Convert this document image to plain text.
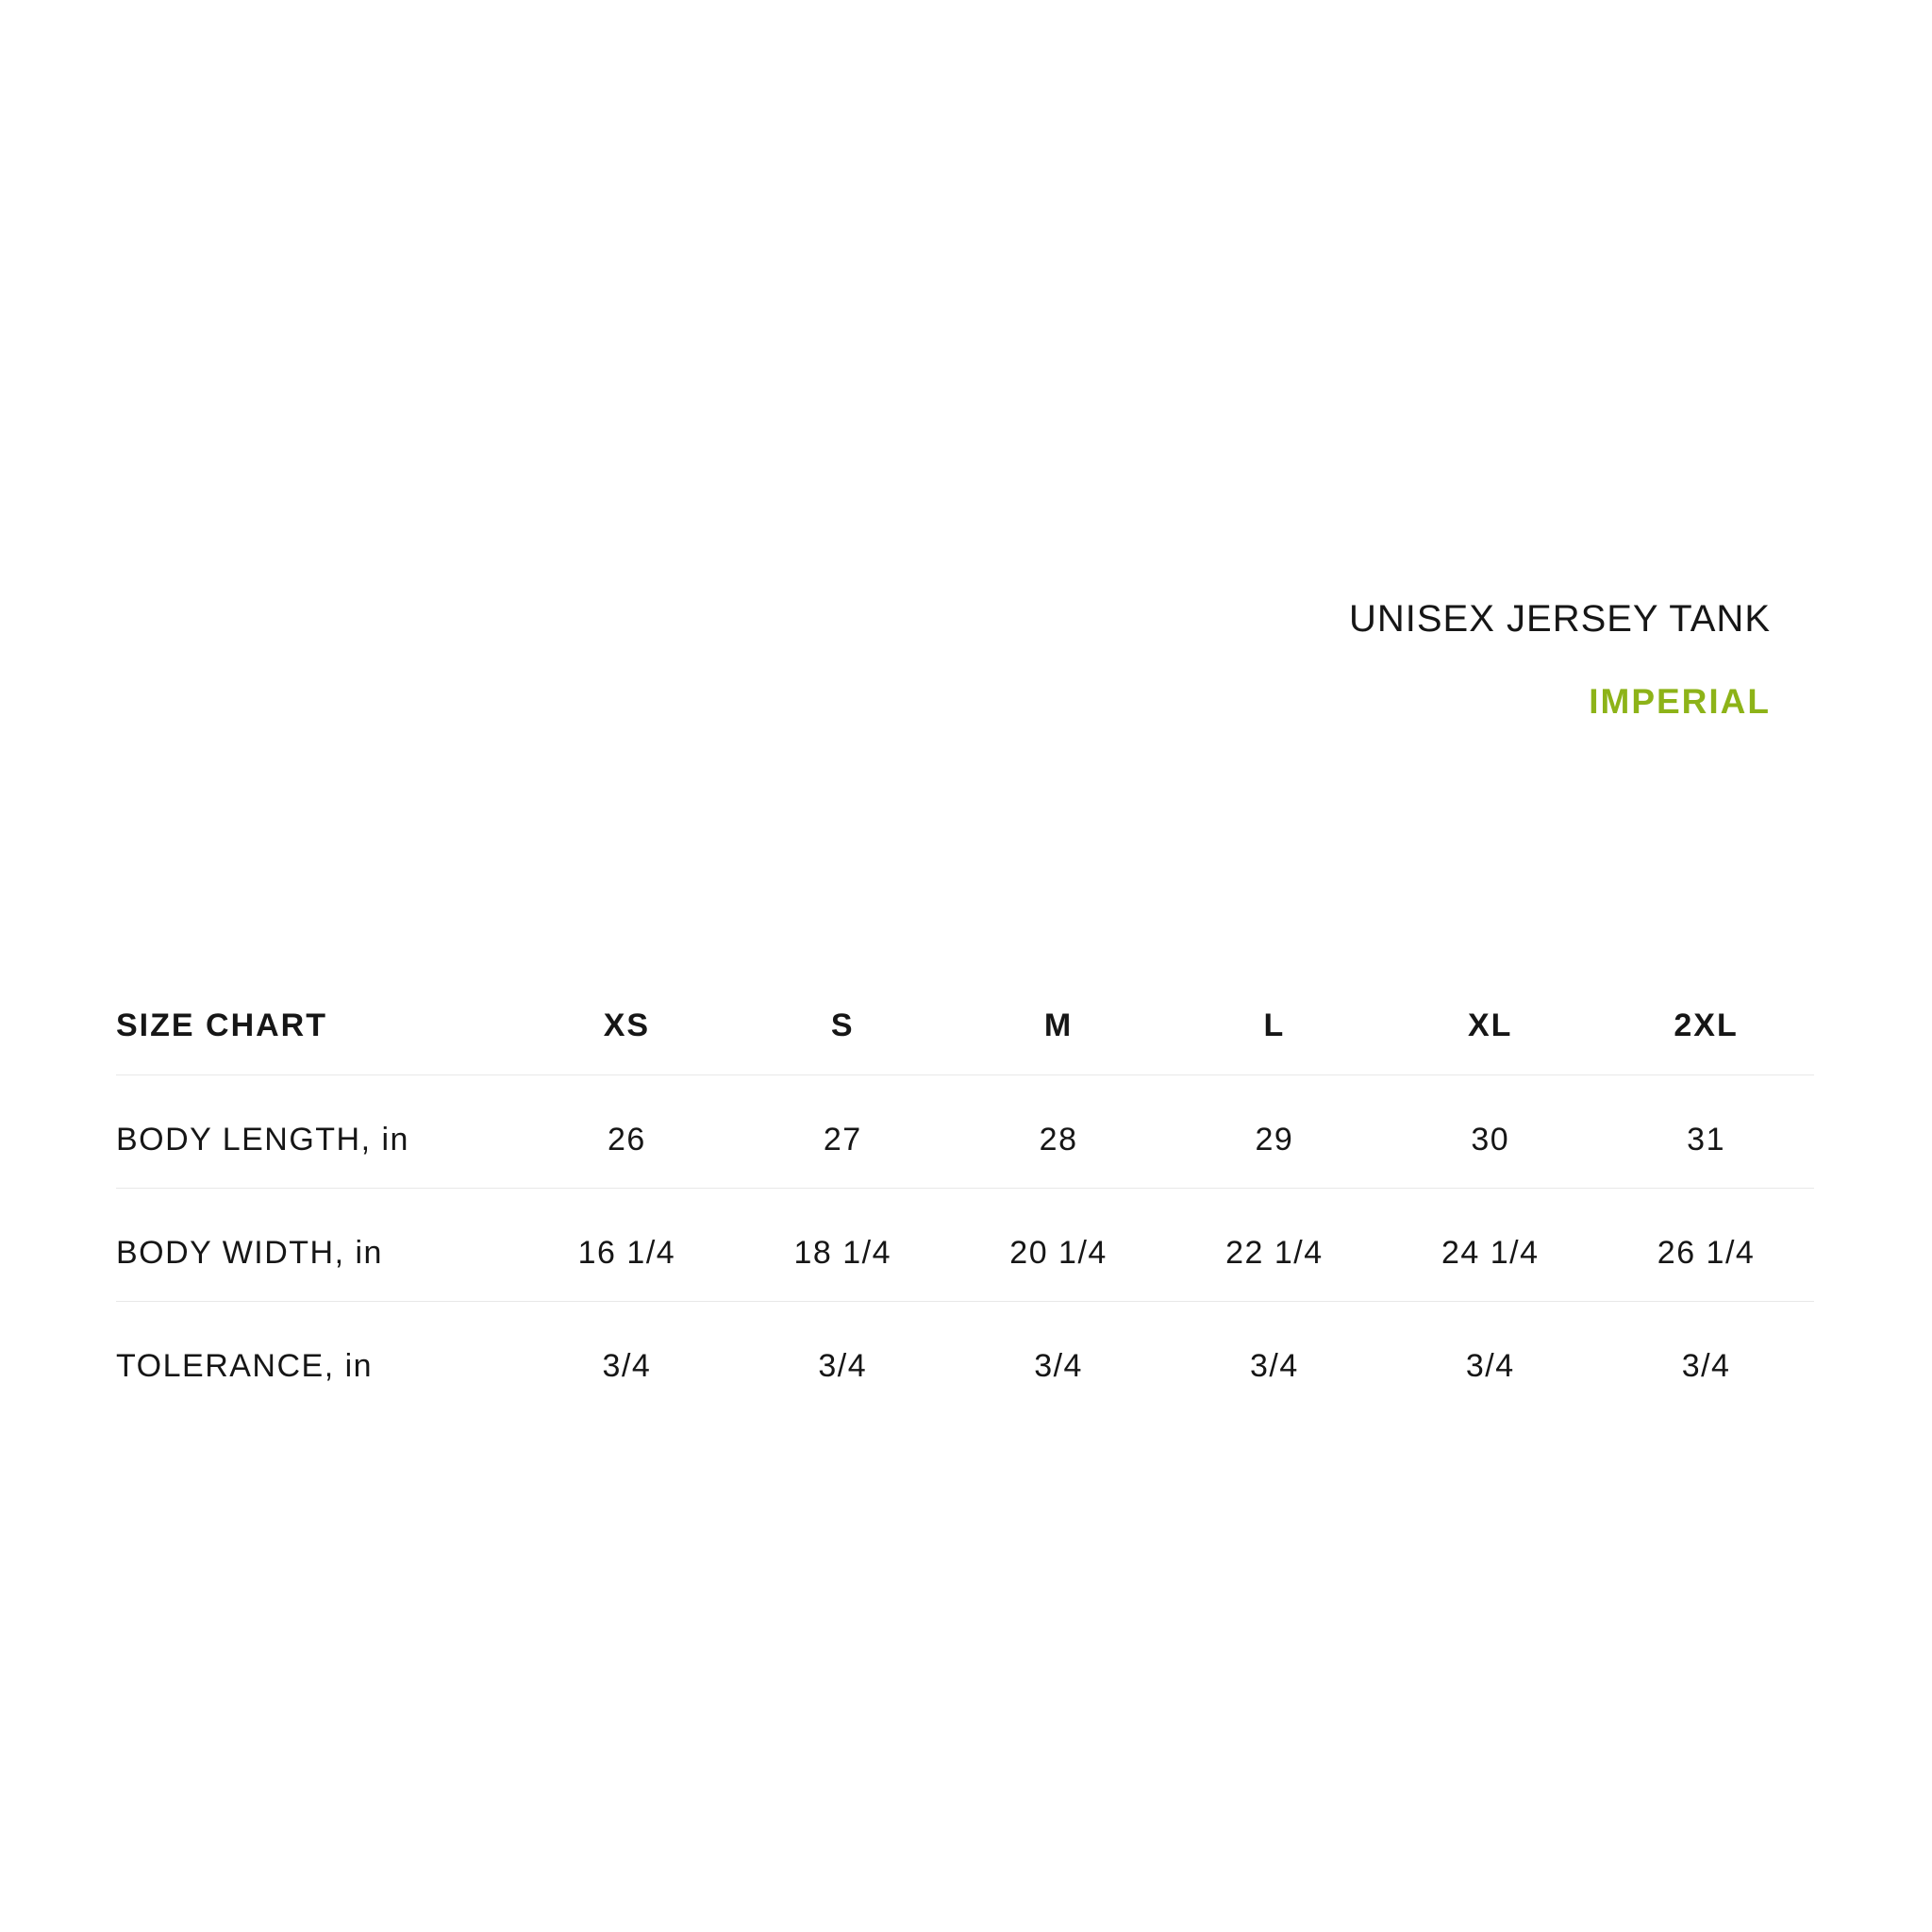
UNISEX JERSEY TANK
IMPERIAL
SIZE CHART	XS	S	M	L	XL	2XL
BODY LENGTH, in	26	27	28	29	30	31
BODY WIDTH, in	16 1/4	18 1/4	20 1/4	22 1/4	24 1/4	26 1/4
TOLERANCE, in	3/4	3/4	3/4	3/4	3/4	3/4
